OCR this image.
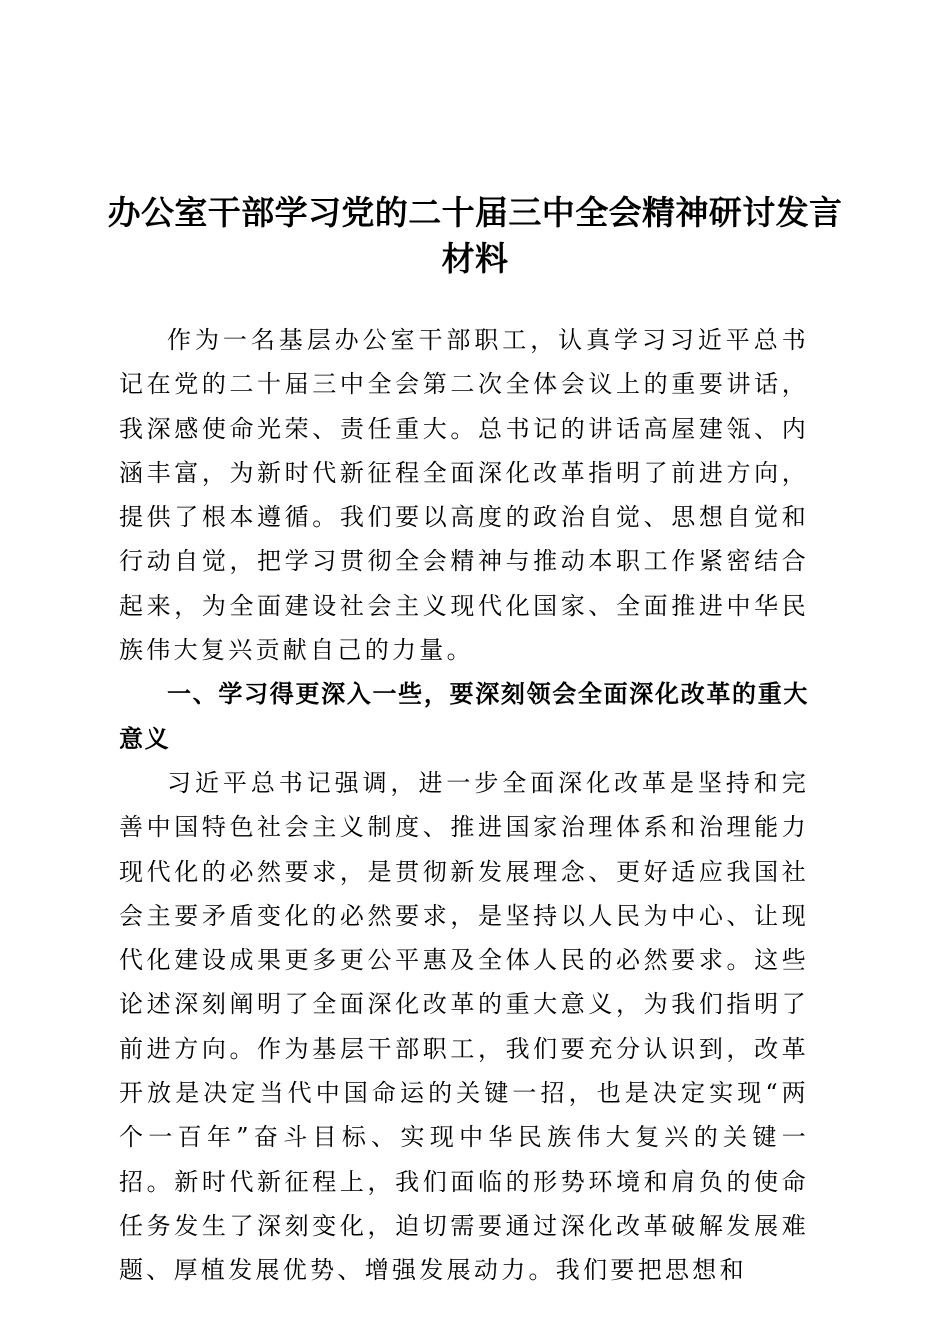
办公室干部学习党的二十届三中全会精神研讨发言材料

作为一名基层办公室干部职工，认真学习习近平总书记在党的二十届三中全会第二次全体会议上的重要讲话，我深感使命光荣、责任重大。总书记的讲话高屋建瓴、内涵丰富，为新时代新征程全面深化改革指明了前进方向，提供了根本遵循。我们要以高度的政治自觉、思想自觉和行动自觉，把学习贯彻全会精神与推动本职工作紧密结合起来，为全面建设社会主义现代化国家、全面推进中华民族伟大复兴贡献自己的力量。

一、学习得更深入一些，要深刻领会全面深化改革的重大意义

习近平总书记强调，进一步全面深化改革是坚持和完善中国特色社会主义制度、推进国家治理体系和治理能力现代化的必然要求，是贯彻新发展理念、更好适应我国社会主要矛盾变化的必然要求，是坚持以人民为中心、让现代化建设成果更多更公平惠及全体人民的必然要求。这些论述深刻阐明了全面深化改革的重大意义，为我们指明了前进方向。作为基层干部职工，我们要充分认识到，改革开放是决定当代中国命运的关键一招，也是决定实现“两个一百年”奋斗目标、实现中华民族伟大复兴的关键一招。新时代新征程上，我们面临的形势环境和肩负的使命任务发生了深刻变化，迫切需要通过深化改革破解发展难题、厚植发展优势、增强发展动力。我们要把思想和
